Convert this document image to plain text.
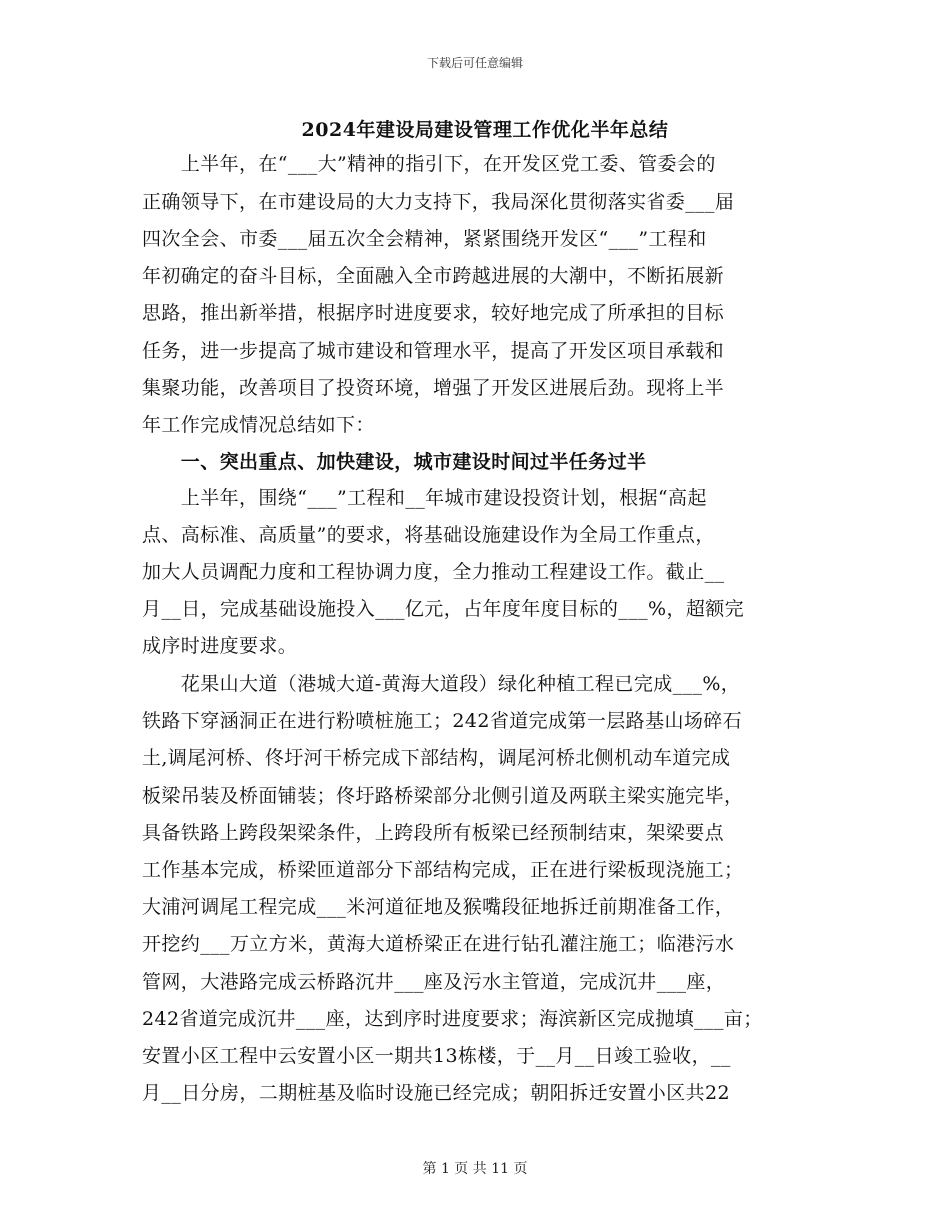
下载后可任意编辑
2024年建设局建设管理工作优化半年总结
　　上半年，在“___大”精神的指引下，在开发区党工委、管委会的
正确领导下，在市建设局的大力支持下，我局深化贯彻落实省委___届
四次全会、市委___届五次全会精神，紧紧围绕开发区“___”工程和
年初确定的奋斗目标，全面融入全市跨越进展的大潮中，不断拓展新
思路，推出新举措，根据序时进度要求，较好地完成了所承担的目标
任务，进一步提高了城市建设和管理水平，提高了开发区项目承载和
集聚功能，改善项目了投资环境，增强了开发区进展后劲。现将上半
年工作完成情况总结如下：
　　一、突出重点、加快建设，城市建设时间过半任务过半
　　上半年，围绕“___”工程和__年城市建设投资计划，根据“高起
点、高标准、高质量”的要求，将基础设施建设作为全局工作重点，
加大人员调配力度和工程协调力度，全力推动工程建设工作。截止__
月__日，完成基础设施投入___亿元，占年度年度目标的___%，超额完
成序时进度要求。
　　花果山大道（港城大道-黄海大道段）绿化种植工程已完成___%，
铁路下穿涵洞正在进行粉喷桩施工；242省道完成第一层路基山场碎石
土,调尾河桥、佟圩河干桥完成下部结构，调尾河桥北侧机动车道完成
板梁吊装及桥面铺装；佟圩路桥梁部分北侧引道及两联主梁实施完毕，
具备铁路上跨段架梁条件，上跨段所有板梁已经预制结束，架梁要点
工作基本完成，桥梁匝道部分下部结构完成，正在进行梁板现浇施工；
大浦河调尾工程完成___米河道征地及猴嘴段征地拆迁前期准备工作，
开挖约___万立方米，黄海大道桥梁正在进行钻孔灌注施工；临港污水
管网，大港路完成云桥路沉井___座及污水主管道，完成沉井___座，
242省道完成沉井___座，达到序时进度要求；海滨新区完成抛填___亩；
安置小区工程中云安置小区一期共13栋楼，于__月__日竣工验收，__
月__日分房，二期桩基及临时设施已经完成；朝阳拆迁安置小区共22
第 1 页 共 11 页
